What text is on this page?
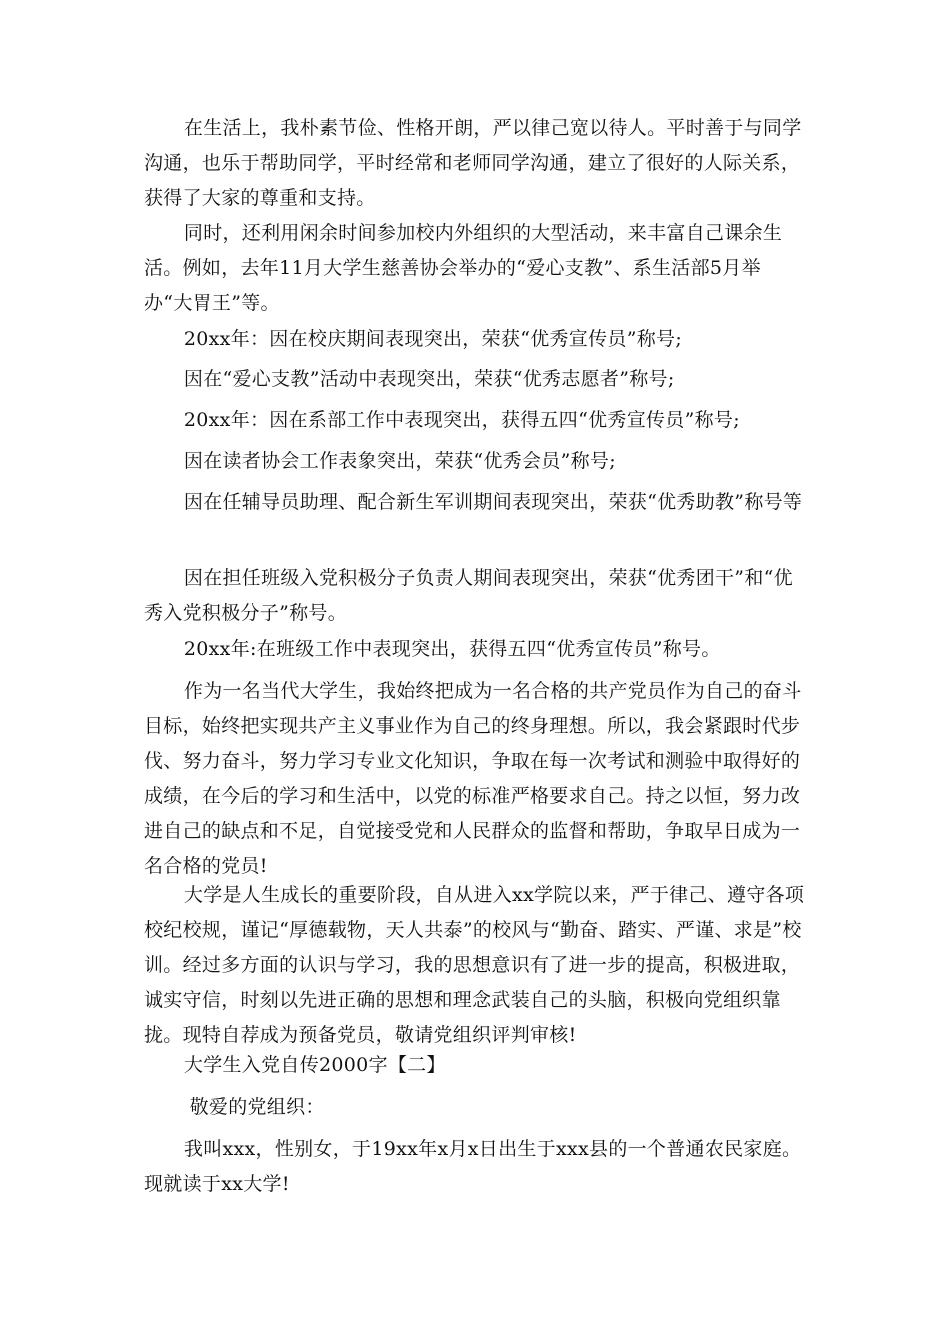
在生活上，我朴素节俭、性格开朗，严以律己宽以待人。平时善于与同学沟通，也乐于帮助同学，平时经常和老师同学沟通，建立了很好的人际关系，获得了大家的尊重和支持。

同时，还利用闲余时间参加校内外组织的大型活动，来丰富自己课余生活。例如，去年11月大学生慈善协会举办的“爱心支教”、系生活部5月举办“大胃王”等。

20xx年：因在校庆期间表现突出，荣获“优秀宣传员”称号;

因在“爱心支教”活动中表现突出，荣获“优秀志愿者”称号;

20xx年：因在系部工作中表现突出，获得五四“优秀宣传员”称号;

因在读者协会工作表象突出，荣获“优秀会员”称号;

因在任辅导员助理、配合新生军训期间表现突出，荣获“优秀助教”称号等

因在担任班级入党积极分子负责人期间表现突出，荣获“优秀团干”和“优秀入党积极分子”称号。

20xx年:在班级工作中表现突出，获得五四“优秀宣传员”称号。

作为一名当代大学生，我始终把成为一名合格的共产党员作为自己的奋斗目标，始终把实现共产主义事业作为自己的终身理想。所以，我会紧跟时代步伐、努力奋斗，努力学习专业文化知识，争取在每一次考试和测验中取得好的成绩，在今后的学习和生活中，以党的标准严格要求自己。持之以恒，努力改进自己的缺点和不足，自觉接受党和人民群众的监督和帮助，争取早日成为一名合格的党员!

大学是人生成长的重要阶段，自从进入xx学院以来，严于律己、遵守各项校纪校规，谨记“厚德载物，天人共泰”的校风与“勤奋、踏实、严谨、求是”校训。经过多方面的认识与学习，我的思想意识有了进一步的提高，积极进取，诚实守信，时刻以先进正确的思想和理念武装自己的头脑，积极向党组织靠拢。现特自荐成为预备党员，敬请党组织评判审核!

大学生入党自传2000字【二】

敬爱的党组织：

我叫xxx，性别女，于19xx年x月x日出生于xxx县的一个普通农民家庭。现就读于xx大学!
